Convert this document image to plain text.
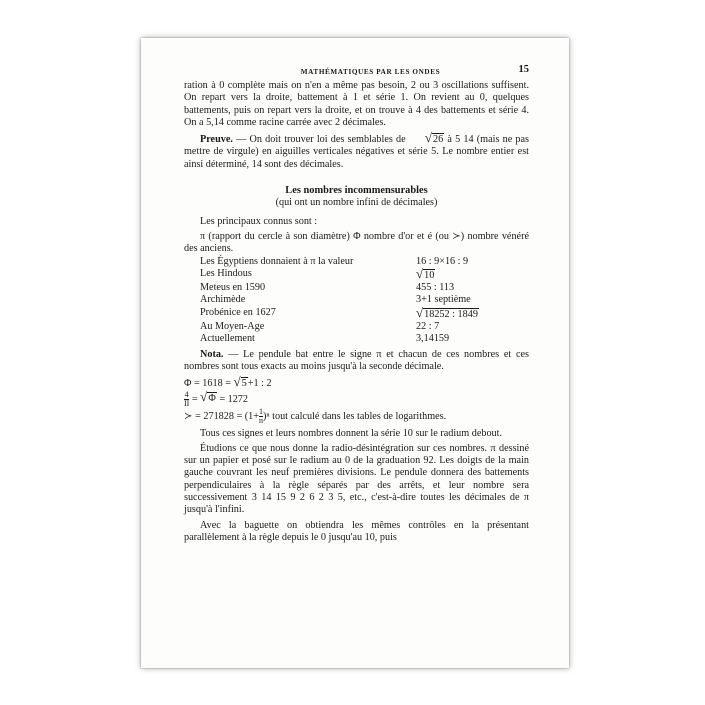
MATHÉMATIQUES PAR LES ONDES	15

ration à 0 complète mais on n'en a même pas besoin, 2 ou 3 oscillations suffisent. On repart vers la droite, battement à 1 et série 1. On revient au 0, quelques battements, puis on repart vers la droite, et on trouve à 4 des battements et série 4. On a 5,14 comme racine carrée avec 2 décimales.

Preuve. — On doit trouver loi des semblables de √26 à 5 14 (mais ne pas mettre de virgule) en aiguilles verticales négatives et série 5. Le nombre entier est ainsi déterminé, 14 sont des décimales.

Les nombres incommensurables
(qui ont un nombre infini de décimales)

Les principaux connus sont :

π (rapport du cercle à son diamètre) Φ nombre d'or et é (ou ≻) nombre vénéré des anciens.

Les Égyptiens donnaient à π la valeur	16 : 9×16 : 9
Les Hindous	√10
Meteus en 1590	455 : 113
Archimède	3+1 septième
Probénice en 1627	√18252 : 1849
Au Moyen-Age	22 : 7
Actuellement	3,14159

Nota. — Le pendule bat entre le signe π et chacun de ces nombres et ces nombres sont tous exacts au moins jusqu'à la seconde décimale.

Φ = 1618 = √5+1 : 2

$\frac{4}{II} = √\Phi = 1272$

≻ = $271828 = (1+ \frac{1}{n} )^n$ tout calculé dans les tables de logarithmes.

Tous ces signes et leurs nombres donnent la série 10 sur le radium debout.

Étudions ce que nous donne la radio-désintégration sur ces nombres. π dessiné sur un papier et posé sur le radium au 0 de la graduation 92. Les doigts de la main gauche couvrant les neuf premières divisions. Le pendule donnera des battements perpendiculaires à la règle séparés par des arrêts, et leur nombre sera successivement 3 14 15 9 2 6 2 3 5, etc., c'est-à-dire toutes les décimales de π jusqu'à l'infini.

Avec la baguette on obtiendra les mêmes contrôles en la présentant parallèlement à la règle depuis le 0 jusqu'au 10, puis
